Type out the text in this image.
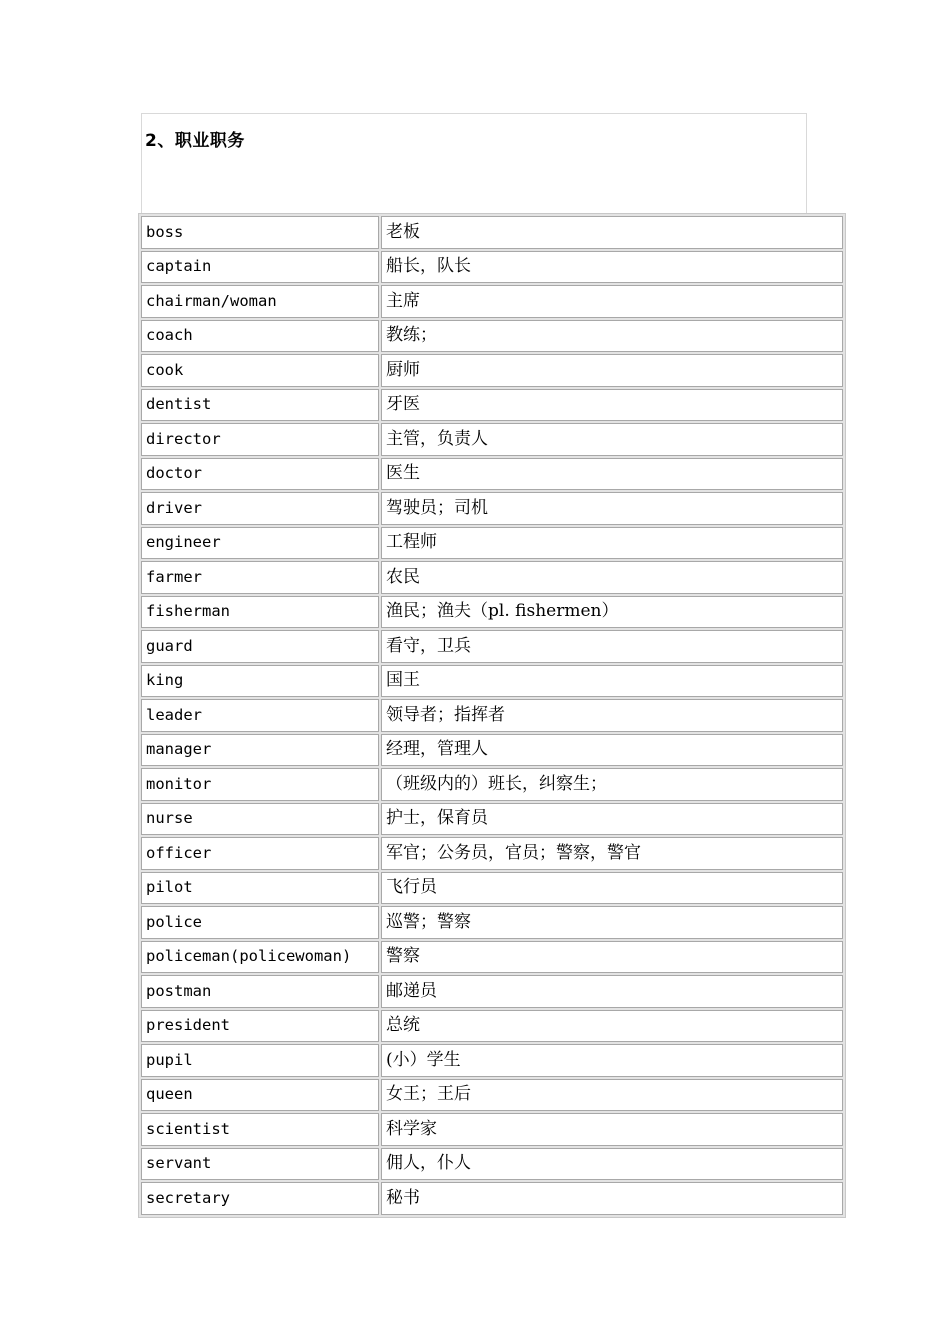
2、职业职务
boss	老板
captain	船长，队长
chairman/woman	主席
coach	教练；
cook	厨师
dentist	牙医
director	主管，负责人
doctor	医生
driver	驾驶员；司机
engineer	工程师
farmer	农民
fisherman	渔民；渔夫（pl. fishermen）
guard	看守，卫兵
king	国王
leader	领导者；指挥者
manager	经理，管理人
monitor	（班级内的）班长，纠察生；
nurse	护士，保育员
officer	军官；公务员，官员；警察，警官
pilot	飞行员
police	巡警；警察
policeman(policewoman)	警察
postman	邮递员
president	总统
pupil	(小）学生
queen	女王；王后
scientist	科学家
servant	佣人，仆人
secretary	秘书
